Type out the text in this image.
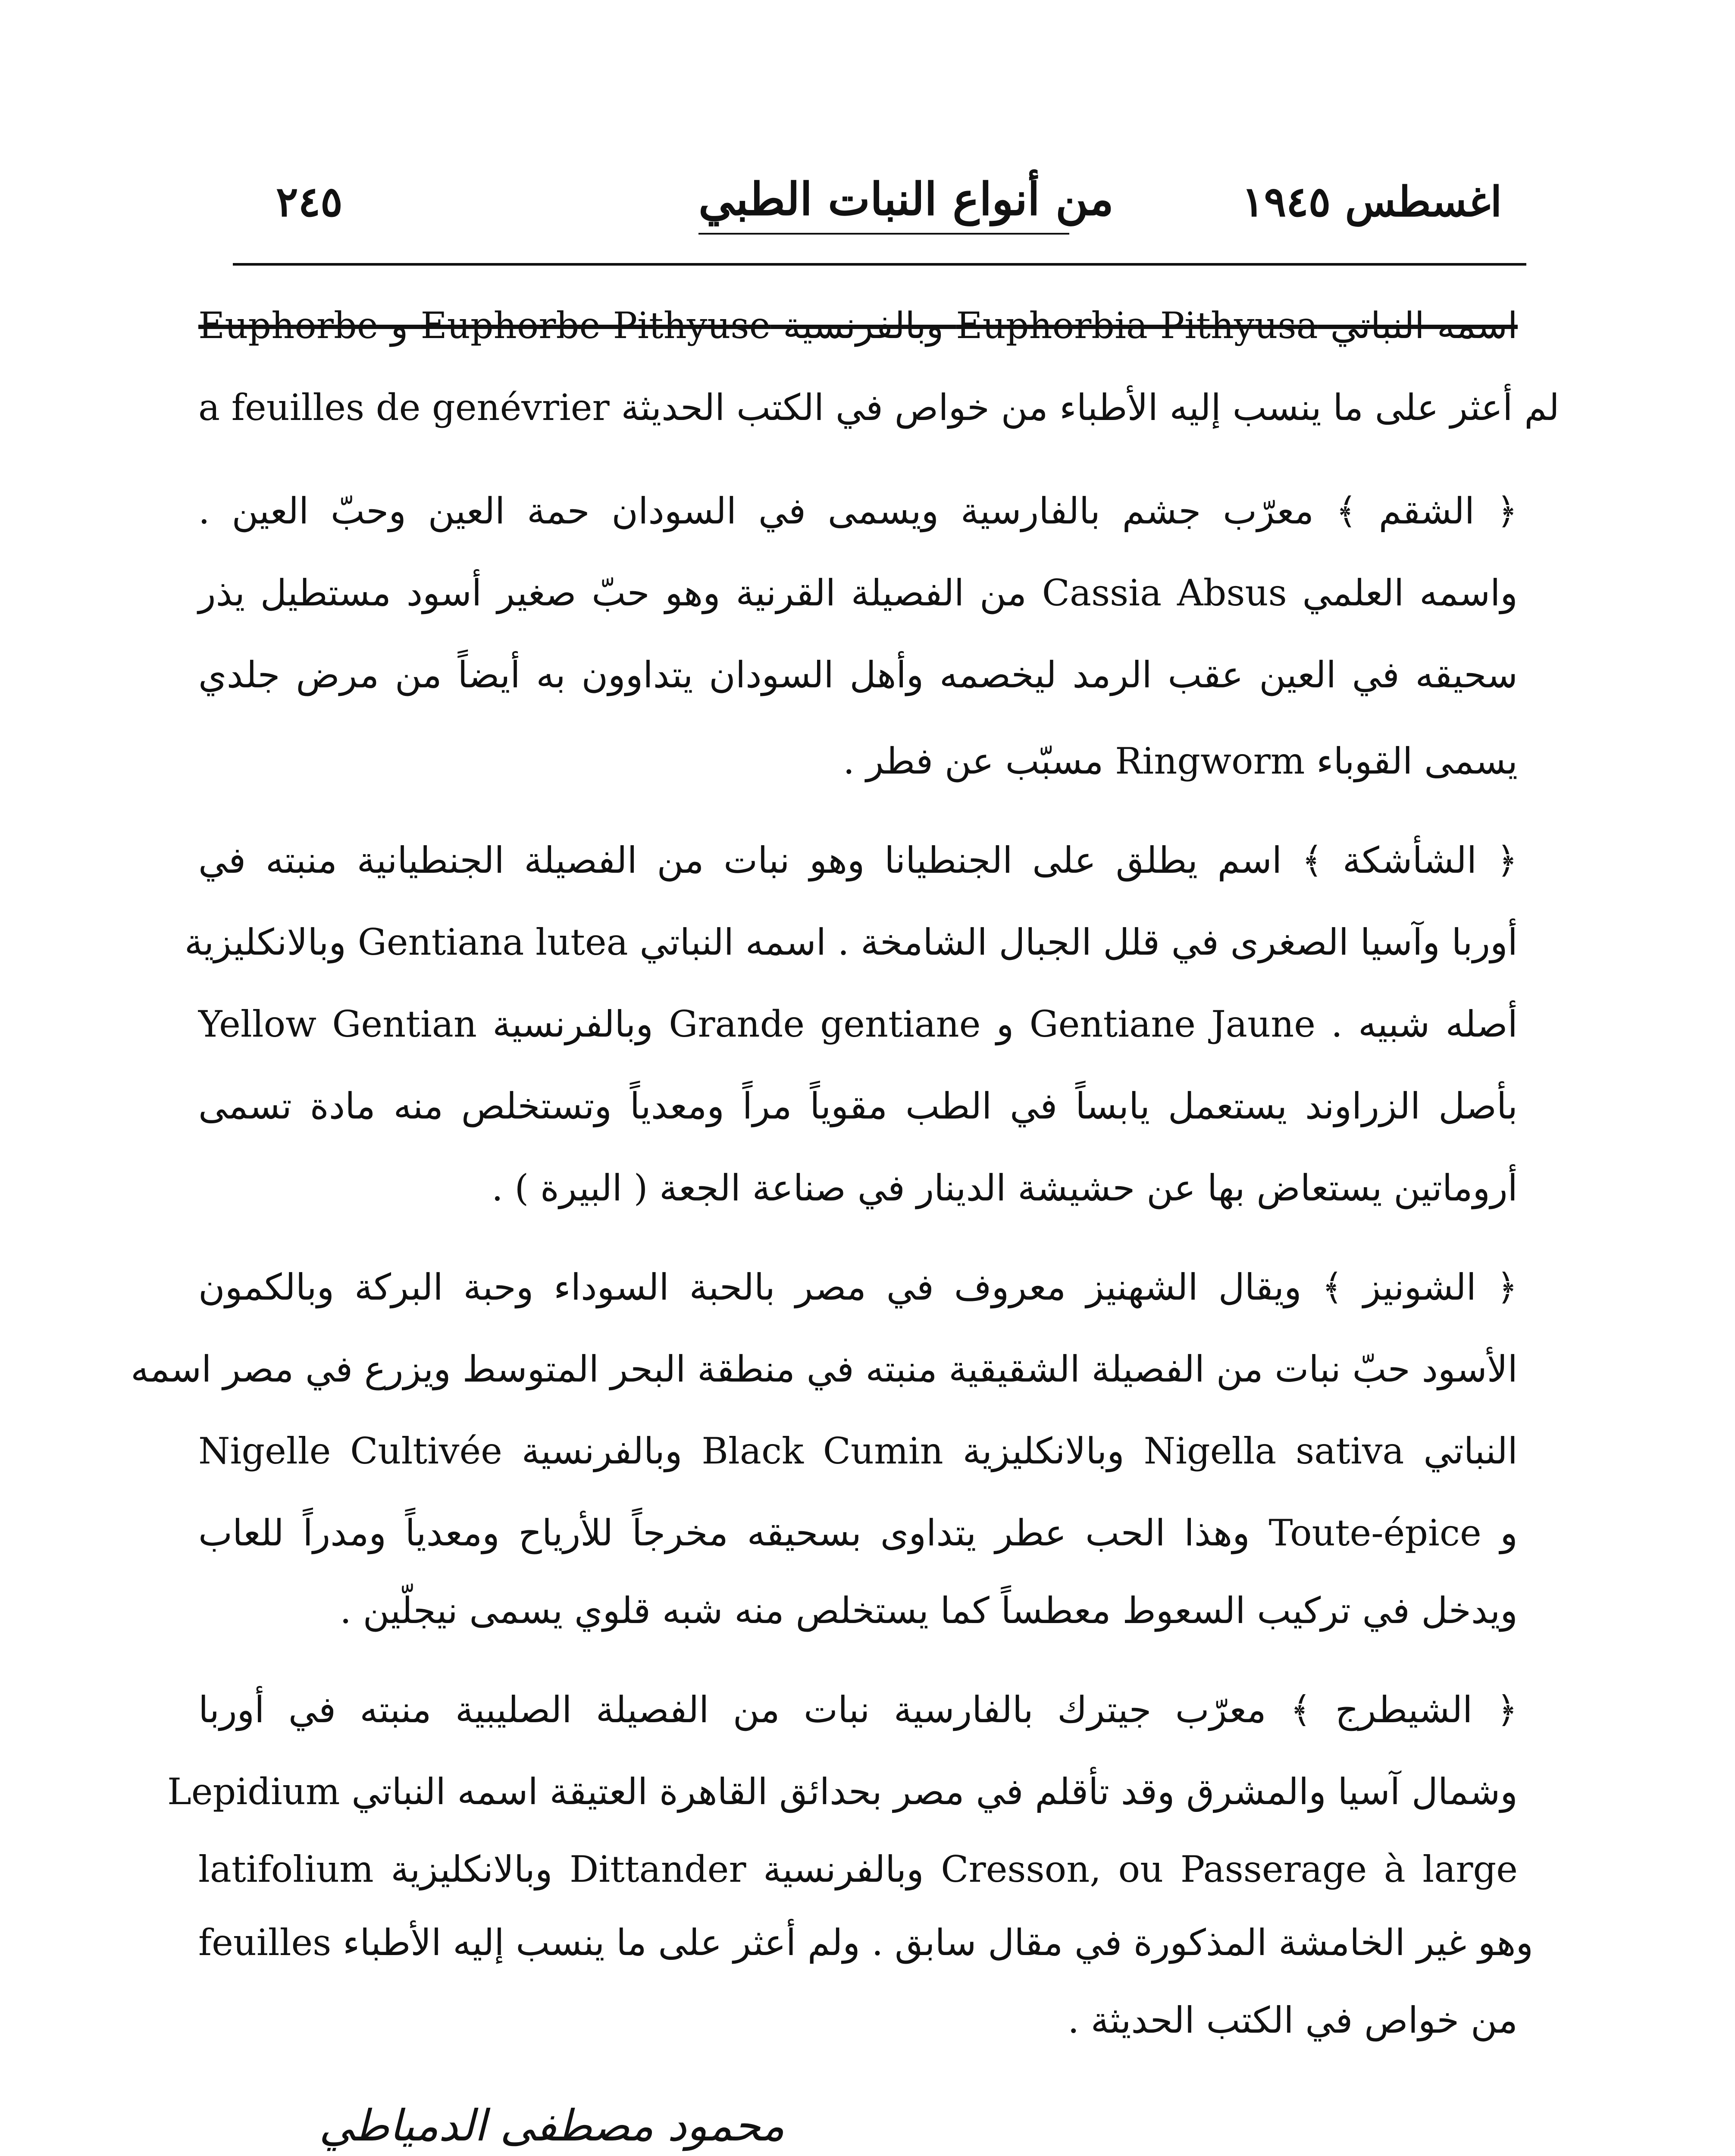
٢٤٥	من أنواع النبات الطبي	اغسطس ١٩٤٥
اسمه النباتي Euphorbia Pithyusa وبالفرنسية Euphorbe Pithyuse و Euphorbe
a feuilles de genévrier لم أعثر على ما ينسب إليه الأطباء من خواص في الكتب الحديثة
﴿ الشقم ﴾ معرّب جشم بالفارسية ويسمى في السودان حمة العين وحبّ العين .
واسمه العلمي Cassia Absus من الفصيلة القرنية وهو حبّ صغير أسود مستطيل يذر
سحيقه في العين عقب الرمد ليخصمه وأهل السودان يتداوون به أيضاً من مرض جلدي
يسمى القوباء Ringworm مسبّب عن فطر .
﴿ الشأشكة ﴾ اسم يطلق على الجنطيانا وهو نبات من الفصيلة الجنطيانية منبته في
أوربا وآسيا الصغرى في قلل الجبال الشامخة . اسمه النباتي Gentiana lutea وبالانكليزية
Yellow Gentian وبالفرنسية Grande gentiane و Gentiane Jaune . أصله شبيه
بأصل الزراوند يستعمل يابساً في الطب مقوياً مراً ومعدياً وتستخلص منه مادة تسمى
أروماتين يستعاض بها عن حشيشة الدينار في صناعة الجعة ( البيرة ) .
﴿ الشونيز ﴾ ويقال الشهنيز معروف في مصر بالحبة السوداء وحبة البركة وبالكمون
الأسود حبّ نبات من الفصيلة الشقيقية منبته في منطقة البحر المتوسط ويزرع في مصر اسمه
النباتي Nigella sativa وبالانكليزية Black Cumin وبالفرنسية Nigelle Cultivée
و Toute-épice وهذا الحب عطر يتداوى بسحيقه مخرجاً للأرياح ومعدياً ومدراً للعاب
ويدخل في تركيب السعوط معطساً كما يستخلص منه شبه قلوي يسمى نيجلّين .
﴿ الشيطرج ﴾ معرّب جيترك بالفارسية نبات من الفصيلة الصليبية منبته في أوربا
وشمال آسيا والمشرق وقد تأقلم في مصر بحدائق القاهرة العتيقة اسمه النباتي Lepidium
latifolium وبالانكليزية Dittander وبالفرنسية Cresson, ou Passerage à large
feuilles وهو غير الخامشة المذكورة في مقال سابق . ولم أعثر على ما ينسب إليه الأطباء
من خواص في الكتب الحديثة .
محمود مصطفى الدمياطي
